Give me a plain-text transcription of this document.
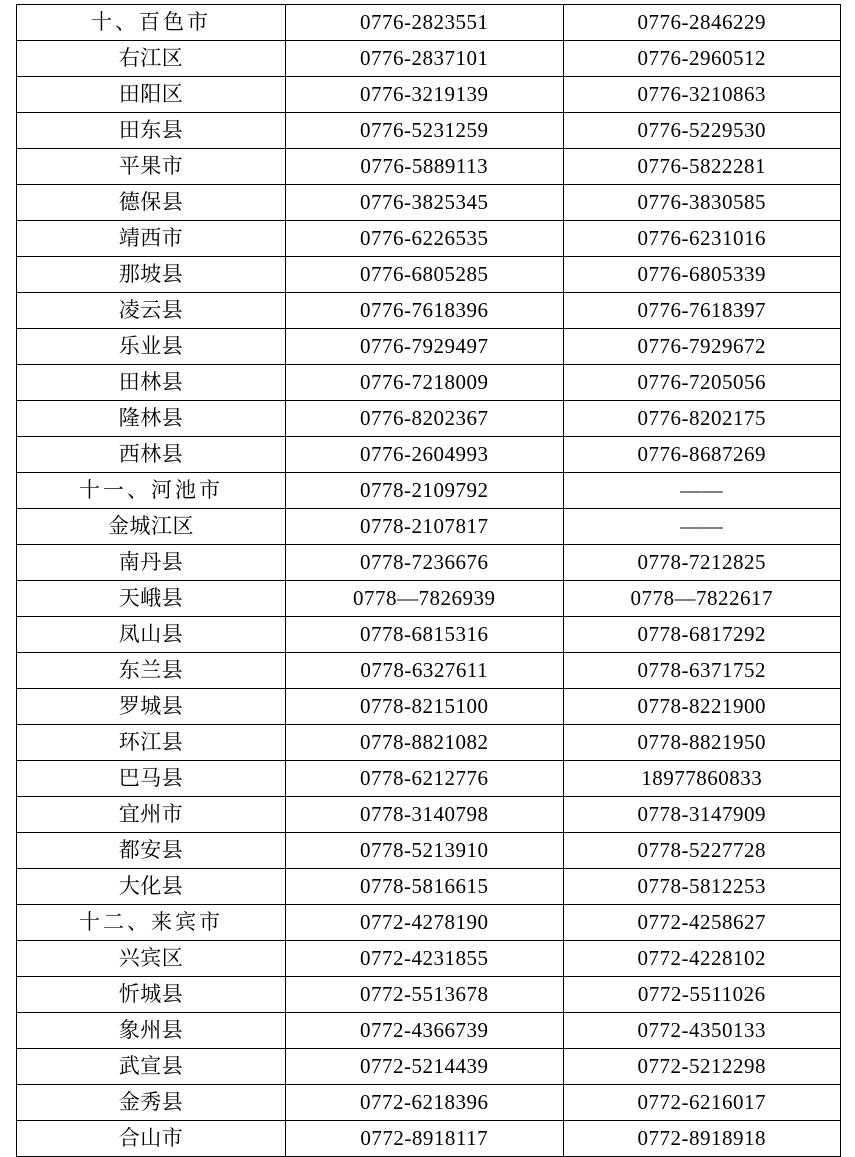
十、百色市	0776-2823551	0776-2846229
右江区	0776-2837101	0776-2960512
田阳区	0776-3219139	0776-3210863
田东县	0776-5231259	0776-5229530
平果市	0776-5889113	0776-5822281
德保县	0776-3825345	0776-3830585
靖西市	0776-6226535	0776-6231016
那坡县	0776-6805285	0776-6805339
凌云县	0776-7618396	0776-7618397
乐业县	0776-7929497	0776-7929672
田林县	0776-7218009	0776-7205056
隆林县	0776-8202367	0776-8202175
西林县	0776-2604993	0776-8687269
十一、河池市	0778-2109792	——
金城江区	0778-2107817	——
南丹县	0778-7236676	0778-7212825
天峨县	0778—7826939	0778—7822617
凤山县	0778-6815316	0778-6817292
东兰县	0778-6327611	0778-6371752
罗城县	0778-8215100	0778-8221900
环江县	0778-8821082	0778-8821950
巴马县	0778-6212776	18977860833
宜州市	0778-3140798	0778-3147909
都安县	0778-5213910	0778-5227728
大化县	0778-5816615	0778-5812253
十二、来宾市	0772-4278190	0772-4258627
兴宾区	0772-4231855	0772-4228102
忻城县	0772-5513678	0772-5511026
象州县	0772-4366739	0772-4350133
武宣县	0772-5214439	0772-5212298
金秀县	0772-6218396	0772-6216017
合山市	0772-8918117	0772-8918918
